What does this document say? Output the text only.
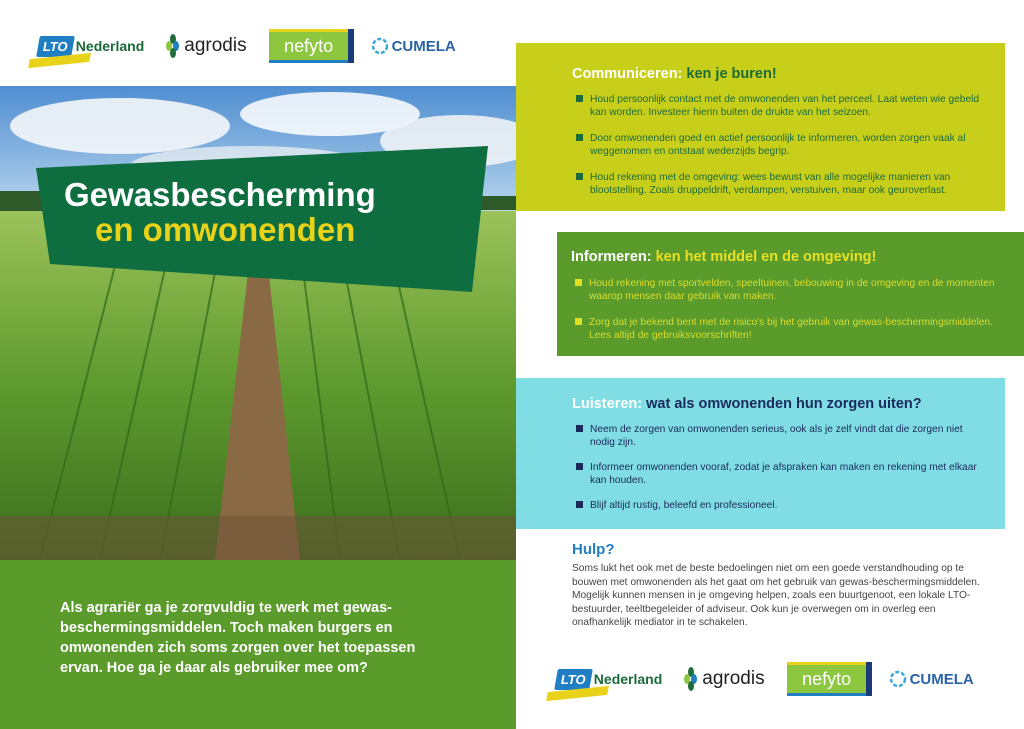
LTO Nederland agrodis nefyto	CUMELA
Gewasbescherming
en omwonenden
Als agrariër ga je zorgvuldig te werk met gewas-beschermingsmiddelen. Toch maken burgers en omwonenden zich soms zorgen over het toepassen ervan. Hoe ga je daar als gebruiker mee om?
Communiceren: ken je buren!
Houd persoonlijk contact met de omwonenden van het perceel. Laat weten wie gebeld kan worden. Investeer hierin buiten de drukte van het seizoen.
Door omwonenden goed en actief persoonlijk te informeren, worden zorgen vaak al weggenomen en ontstaat wederzijds begrip.
Houd rekening met de omgeving: wees bewust van alle mogelijke manieren van blootstelling. Zoals druppeldrift, verdampen, verstuiven, maar ook geuroverlast.
Informeren: ken het middel en de omgeving!
Houd rekening met sportvelden, speeltuinen, bebouwing in de omgeving en de momenten waarop mensen daar gebruik van maken.
Zorg dat je bekend bent met de risico's bij het gebruik van gewas-beschermingsmiddelen. Lees altijd de gebruiksvoorschriften!
Luisteren: wat als omwonenden hun zorgen uiten?
Neem de zorgen van omwonenden serieus, ook als je zelf vindt dat die zorgen niet nodig zijn.
Informeer omwonenden vooraf, zodat je afspraken kan maken en rekening met elkaar kan houden.
Blijf altijd rustig, beleefd en professioneel.
Hulp?
Soms lukt het ook met de beste bedoelingen niet om een goede verstandhouding op te bouwen met omwonenden als het gaat om het gebruik van gewas-beschermingsmiddelen. Mogelijk kunnen mensen in je omgeving helpen, zoals een buurtgenoot, een lokale LTO-bestuurder, teeltbegeleider of adviseur. Ook kun je overwegen om in overleg een onafhankelijk mediator in te schakelen.
LTO Nederland agrodis nefyto	CUMELA
